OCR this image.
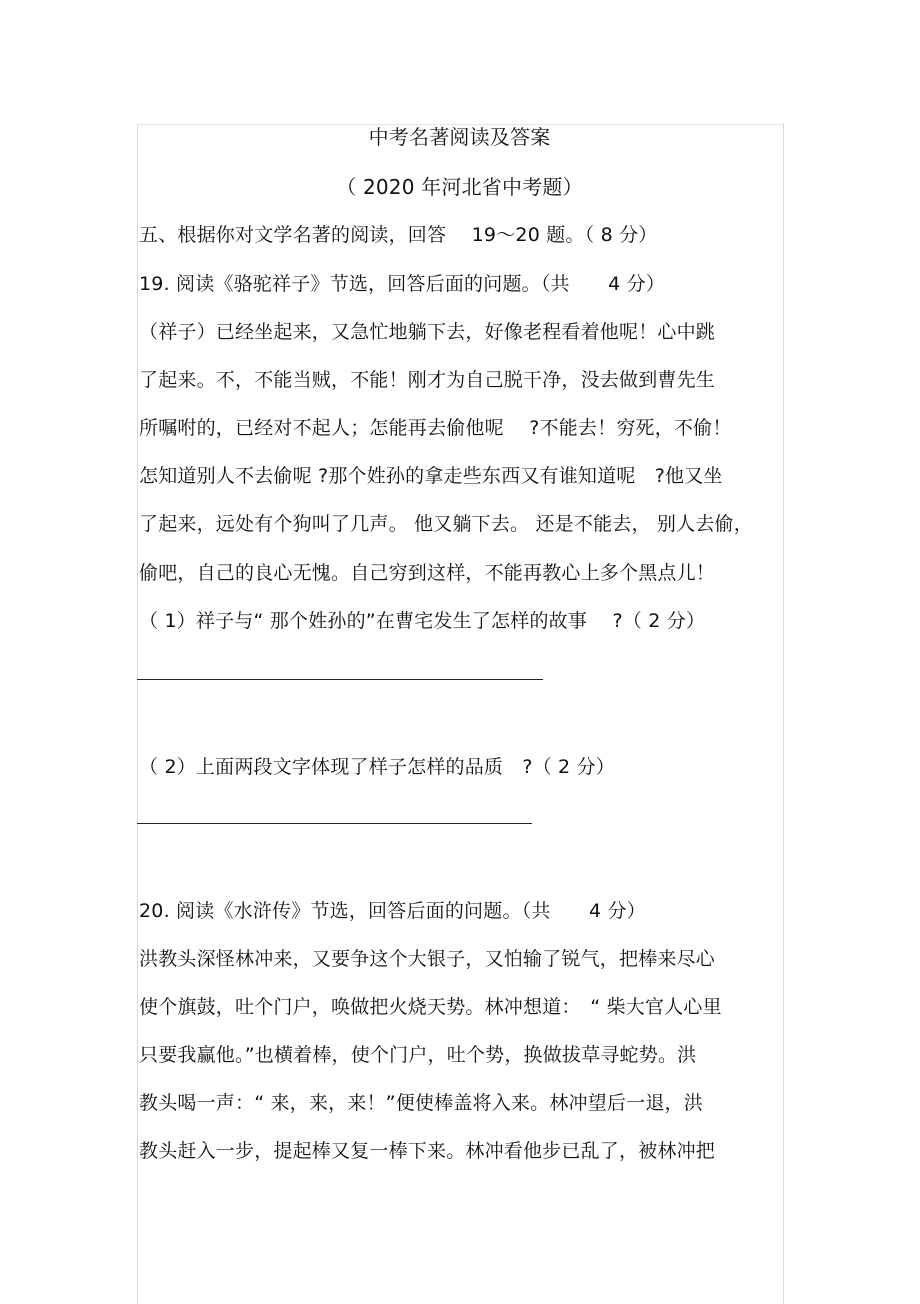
中考名著阅读及答案
（ 2020 年河北省中考题）
五、根据你对文学名著的阅读，回答　 19～20 题。（ 8 分）
19. 阅读《骆驼祥子》节选，回答后面的问题。（共　　4 分）
（祥子）已经坐起来，又急忙地躺下去，好像老程看着他呢！心中跳
了起来。不，不能当贼，不能！刚才为自己脱干净，没去做到曹先生
所嘱咐的，已经对不起人；怎能再去偷他呢　 ?不能去！穷死，不偷！
怎知道别人不去偷呢 ?那个姓孙的拿走些东西又有谁知道呢　?他又坐
了起来，远处有个狗叫了几声。 他又躺下去。 还是不能去， 别人去偷，
偷吧，自己的良心无愧。自己穷到这样，不能再教心上多个黑点儿！
（ 1）祥子与“ 那个姓孙的”在曹宅发生了怎样的故事　 ?（ 2 分）
（ 2）上面两段文字体现了样子怎样的品质　?（ 2 分）
20. 阅读《水浒传》节选，回答后面的问题。（共　　4 分）
洪教头深怪林冲来，又要争这个大银子，又怕输了锐气，把棒来尽心
使个旗鼓，吐个门户，唤做把火烧天势。林冲想道：　“ 柴大官人心里
只要我赢他。”也横着棒，使个门户，吐个势，换做拔草寻蛇势。洪
教头喝一声：“ 来，来，来！”便使棒盖将入来。林冲望后一退，洪
教头赶入一步，提起棒又复一棒下来。林冲看他步已乱了，被林冲把
